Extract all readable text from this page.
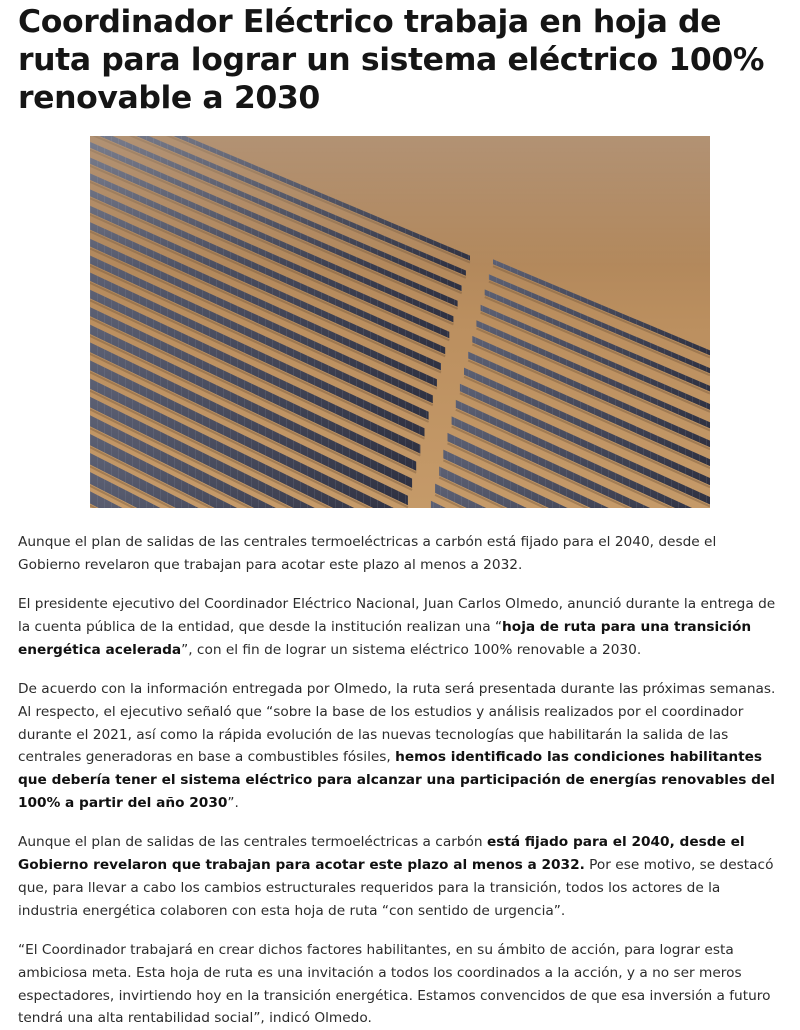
Coordinador Eléctrico trabaja en hoja de ruta para lograr un sistema eléctrico 100% renovable a 2030

Aunque el plan de salidas de las centrales termoeléctricas a carbón está fijado para el 2040, desde el Gobierno revelaron que trabajan para acotar este plazo al menos a 2032.

El presidente ejecutivo del Coordinador Eléctrico Nacional, Juan Carlos Olmedo, anunció durante la entrega de la cuenta pública de la entidad, que desde la institución realizan una “hoja de ruta para una transición energética acelerada”, con el fin de lograr un sistema eléctrico 100% renovable a 2030.

De acuerdo con la información entregada por Olmedo, la ruta será presentada durante las próximas semanas. Al respecto, el ejecutivo señaló que “sobre la base de los estudios y análisis realizados por el coordinador durante el 2021, así como la rápida evolución de las nuevas tecnologías que habilitarán la salida de las centrales generadoras en base a combustibles fósiles, hemos identificado las condiciones habilitantes que debería tener el sistema eléctrico para alcanzar una participación de energías renovables del 100% a partir del año 2030”.

Aunque el plan de salidas de las centrales termoeléctricas a carbón está fijado para el 2040, desde el Gobierno revelaron que trabajan para acotar este plazo al menos a 2032. Por ese motivo, se destacó que, para llevar a cabo los cambios estructurales requeridos para la transición, todos los actores de la industria energética colaboren con esta hoja de ruta “con sentido de urgencia”.

“El Coordinador trabajará en crear dichos factores habilitantes, en su ámbito de acción, para lograr esta ambiciosa meta. Esta hoja de ruta es una invitación a todos los coordinados a la acción, y a no ser meros espectadores, invirtiendo hoy en la transición energética. Estamos convencidos de que esa inversión a futuro tendrá una alta rentabilidad social”, indicó Olmedo.
